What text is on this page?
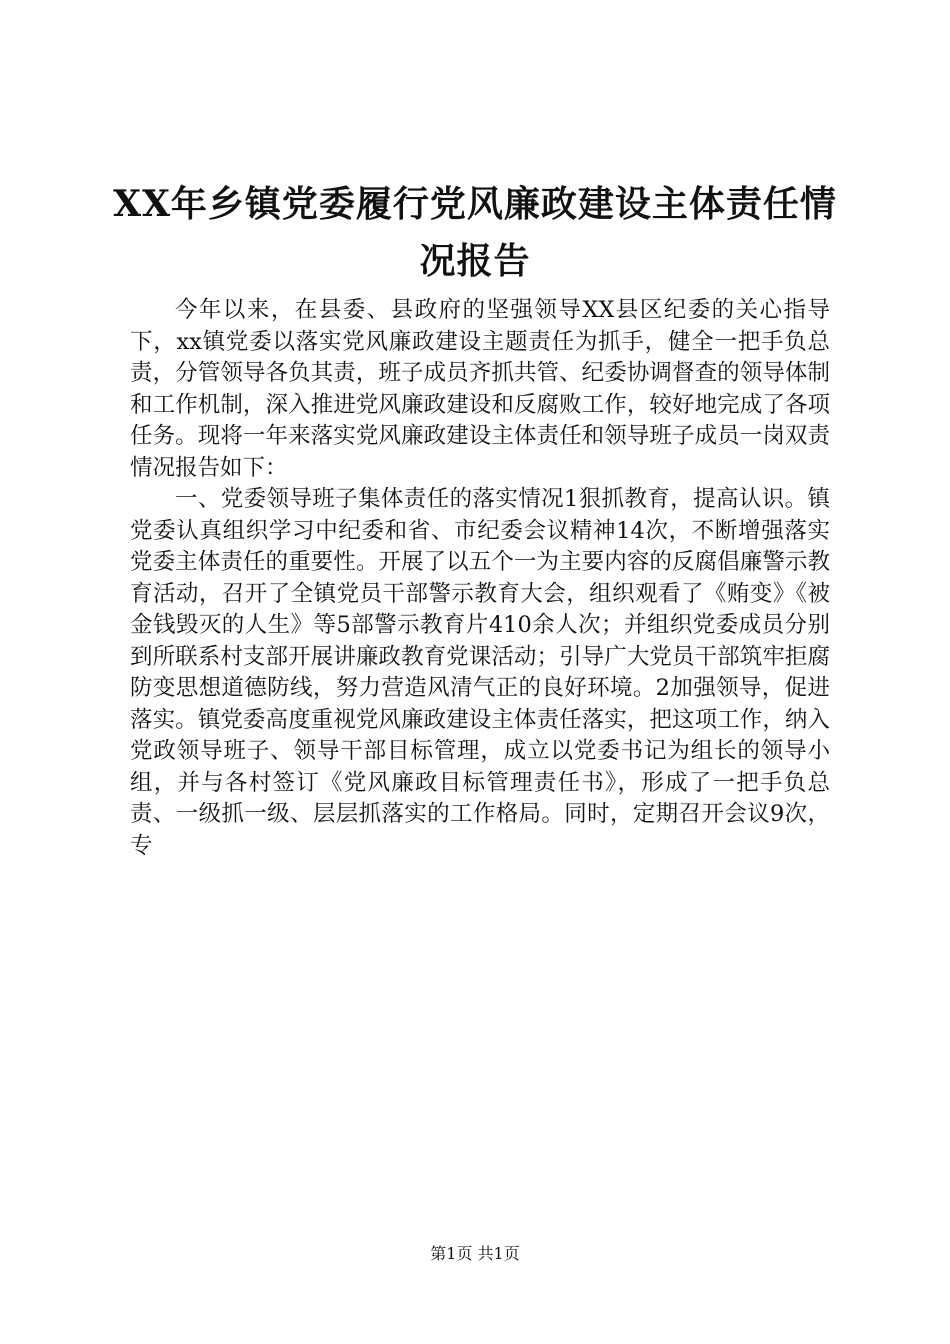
XX年乡镇党委履行党风廉政建设主体责任情况报告

今年以来，在县委、县政府的坚强领导XX县区纪委的关心指导下，xx镇党委以落实党风廉政建设主题责任为抓手，健全一把手负总责，分管领导各负其责，班子成员齐抓共管、纪委协调督查的领导体制和工作机制，深入推进党风廉政建设和反腐败工作，较好地完成了各项任务。现将一年来落实党风廉政建设主体责任和领导班子成员一岗双责情况报告如下：

一、党委领导班子集体责任的落实情况1狠抓教育，提高认识。镇党委认真组织学习中纪委和省、市纪委会议精神14次，不断增强落实党委主体责任的重要性。开展了以五个一为主要内容的反腐倡廉警示教育活动，召开了全镇党员干部警示教育大会，组织观看了《贿变》《被金钱毁灭的人生》等5部警示教育片410余人次；并组织党委成员分别到所联系村支部开展讲廉政教育党课活动；引导广大党员干部筑牢拒腐防变思想道德防线，努力营造风清气正的良好环境。2加强领导，促进落实。镇党委高度重视党风廉政建设主体责任落实，把这项工作，纳入党政领导班子、领导干部目标管理，成立以党委书记为组长的领导小组，并与各村签订《党风廉政目标管理责任书》，形成了一把手负总责、一级抓一级、层层抓落实的工作格局。同时，定期召开会议9次，专

第1页 共1页
